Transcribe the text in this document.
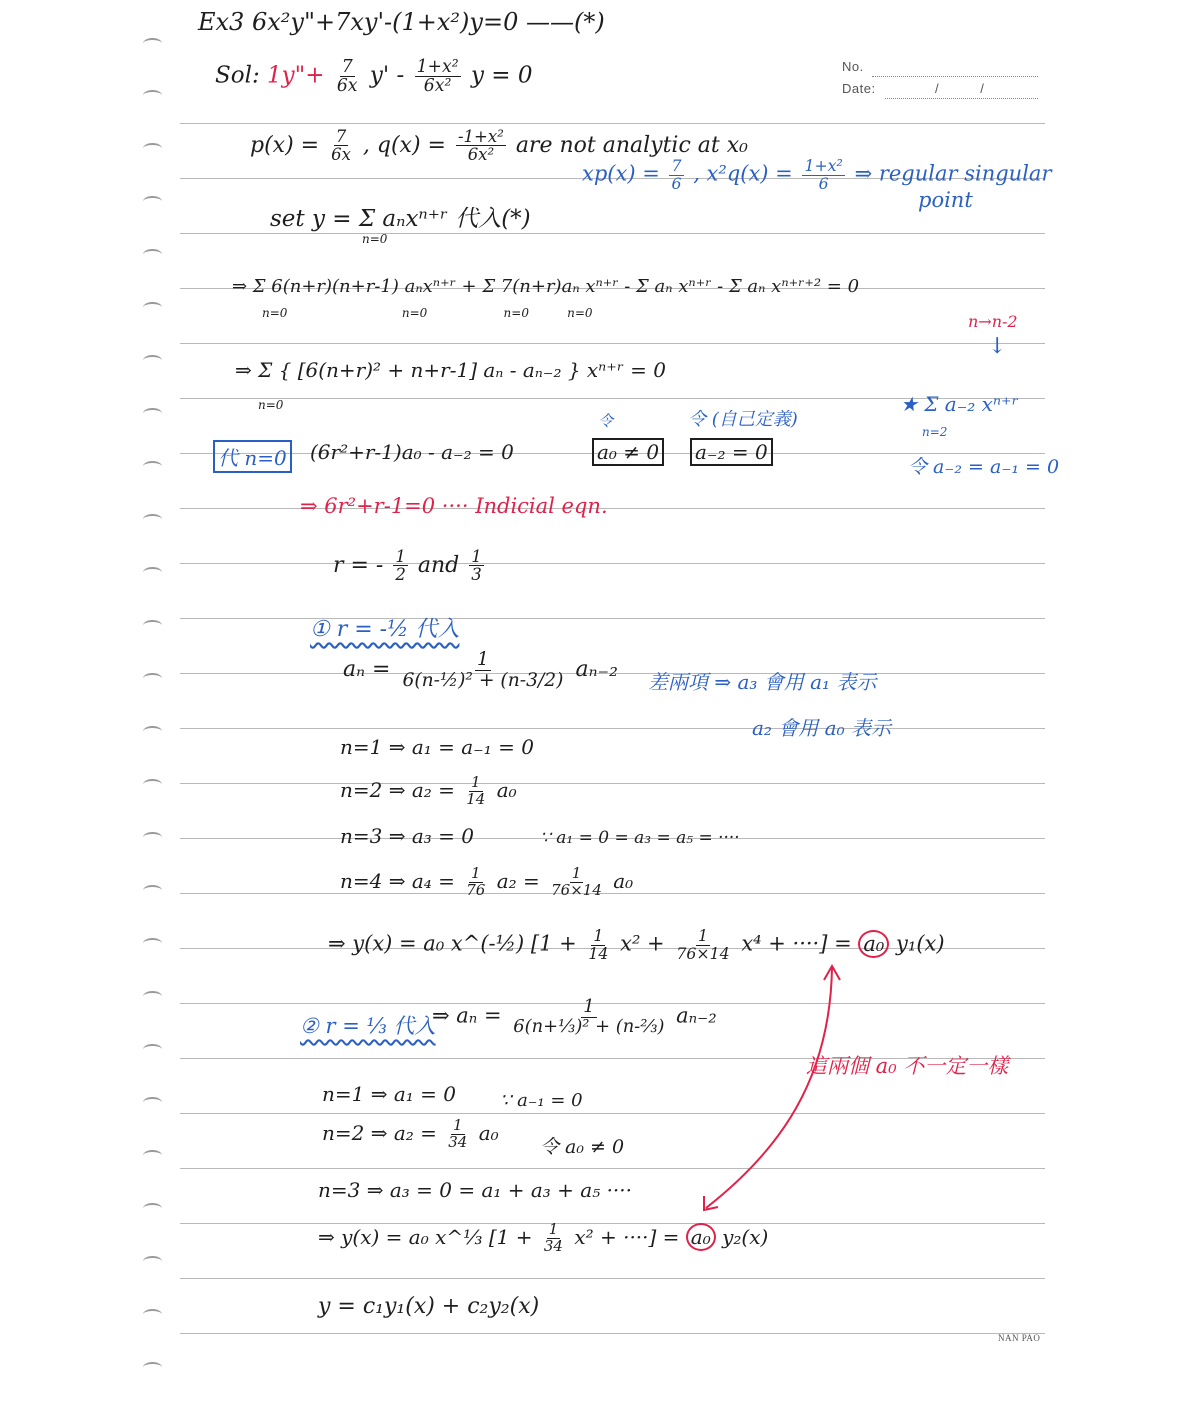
No.
Date:	/          /
NAN PAO
Ex3 6x²y"+7xy'-(1+x²)y=0 ——(*)
Sol: 1y"+ $\frac{7}{6x} y' - \frac{\text{1+x²}}{\text{6x²}}$ y = 0
$p(x) = \frac{7}{6x}$ , $q(x) = \frac{\text{-1+x²}}{\text{6x²}}$ are not analytic at x₀
$xp(x) = \frac{7}{6}$ , $x^2q(x) = \frac{\text{1+x²}}{6}$ ⇒ regular singular
point
set y = Σ aₙxⁿ⁺ʳ 代入(*)
n=0
⇒ Σ 6(n+r)(n+r-1) aₙxⁿ⁺ʳ + Σ 7(n+r)aₙ xⁿ⁺ʳ - Σ aₙ xⁿ⁺ʳ - Σ aₙ xⁿ⁺ʳ⁺² = 0
n=0                              n=0                    n=0          n=0	n→n-2
↓
⇒ Σ { [6(n+r)² + n+r-1] aₙ - aₙ₋₂ } xⁿ⁺ʳ = 0
n=0	★ Σ a₋₂ xⁿ⁺ʳ
n=2
代 n=0 (6r²+r-1)a₀ - a₋₂ = 0
令
a₀ ≠ 0
令 (自己定義)
a₋₂ = 0
令 a₋₂ = a₋₁ = 0
⇒ 6r²+r-1=0 ···· Indicial eqn.
r = - $\frac{1}{2}$ and $\frac{1}{3}$
① r = -½ 代入
$a_n = \frac{1}{\text{6(n-½)² + (n-3/2)}} a_{n-2}$ 差兩項 ⇒ a₃ 會用 a₁ 表示
a₂ 會用 a₀ 表示
n=1 ⇒ a₁ = a₋₁ = 0
n=2 ⇒ $a_2 = \frac{1}{14} a_0$
n=3 ⇒ a₃ = 0	∵ a₁ = 0 = a₃ = a₅ = ····
n=4 ⇒ $a_4 = \frac{1}{76} a_2 = \frac{1}{76\times 14} a_0$
⇒ y(x) = a₀ x^(-½) [$1 + \frac{1}{14} x^2 + \frac{1}{76\times 14} x^4$ + ····] = a₀ y₁(x)
② r = ⅓ 代入
⇒ $a_n = \frac{1}{\text{6(n+⅓)² + (n-⅔)}} a_{n-2}$
這兩個 a₀ 不一定一樣
n=1 ⇒ a₁ = 0 ∵ a₋₁ = 0
n=2 ⇒ $a_2 = \frac{1}{34} a_0$
令 a₀ ≠ 0
n=3 ⇒ a₃ = 0 = a₁ + a₃ + a₅ ····
⇒ y(x) = a₀ x^⅓ [$1 + \frac{1}{34} x^2$ + ····] = a₀ y₂(x)
y = c₁y₁(x) + c₂y₂(x)
